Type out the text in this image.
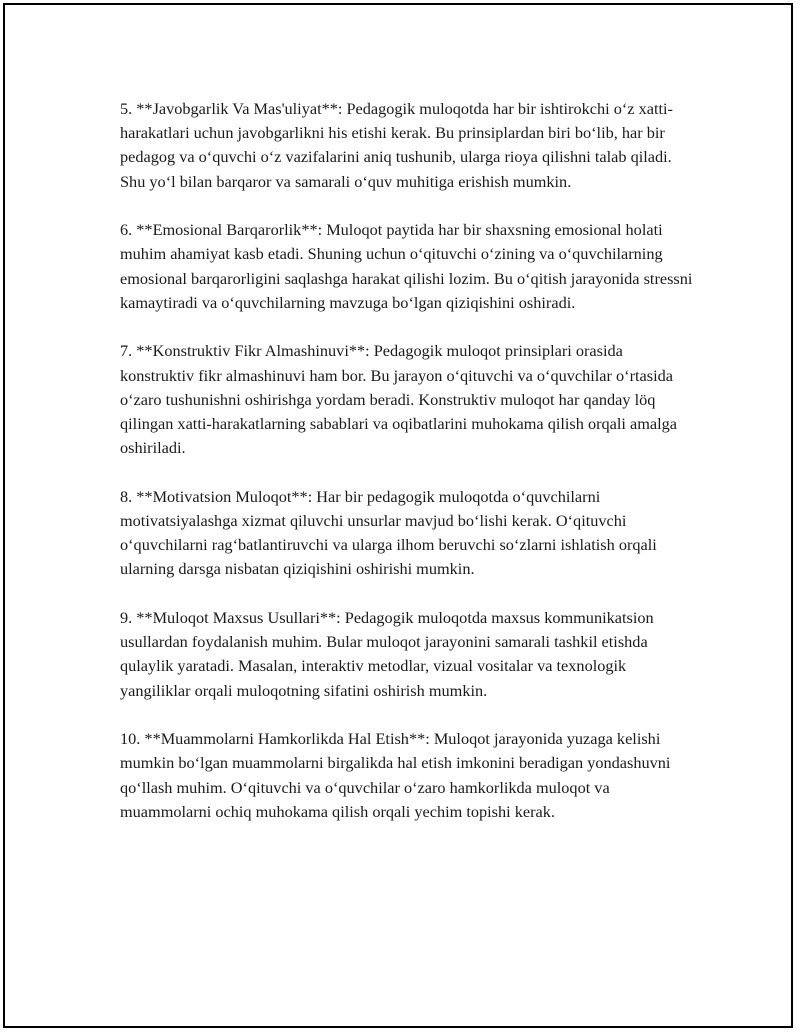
5. **Javobgarlik Va Mas'uliyat**: Pedagogik muloqotda har bir ishtirokchi o‘z xatti-harakatlari uchun javobgarlikni his etishi kerak. Bu prinsiplardan biri bo‘lib, har bir pedagog va o‘quvchi o‘z vazifalarini aniq tushunib, ularga rioya qilishni talab qiladi. Shu yo‘l bilan barqaror va samarali o‘quv muhitiga erishish mumkin.

6. **Emosional Barqarorlik**: Muloqot paytida har bir shaxsning emosional holati muhim ahamiyat kasb etadi. Shuning uchun o‘qituvchi o‘zining va o‘quvchilarning emosional barqarorligini saqlashga harakat qilishi lozim. Bu o‘qitish jarayonida stressni kamaytiradi va o‘quvchilarning mavzuga bo‘lgan qiziqishini oshiradi.

7. **Konstruktiv Fikr Almashinuvi**: Pedagogik muloqot prinsiplari orasida konstruktiv fikr almashinuvi ham bor. Bu jarayon o‘qituvchi va o‘quvchilar o‘rtasida o‘zaro tushunishni oshirishga yordam beradi. Konstruktiv muloqot har qanday löq qilingan xatti-harakatlarning sabablari va oqibatlarini muhokama qilish orqali amalga oshiriladi.

8. **Motivatsion Muloqot**: Har bir pedagogik muloqotda o‘quvchilarni motivatsiyalashga xizmat qiluvchi unsurlar mavjud bo‘lishi kerak. O‘qituvchi o‘quvchilarni rag‘batlantiruvchi va ularga ilhom beruvchi so‘zlarni ishlatish orqali ularning darsga nisbatan qiziqishini oshirishi mumkin.

9. **Muloqot Maxsus Usullari**: Pedagogik muloqotda maxsus kommunikatsion usullardan foydalanish muhim. Bular muloqot jarayonini samarali tashkil etishda qulaylik yaratadi. Masalan, interaktiv metodlar, vizual vositalar va texnologik yangiliklar orqali muloqotning sifatini oshirish mumkin.

10. **Muammolarni Hamkorlikda Hal Etish**: Muloqot jarayonida yuzaga kelishi mumkin bo‘lgan muammolarni birgalikda hal etish imkonini beradigan yondashuvni qo‘llash muhim. O‘qituvchi va o‘quvchilar o‘zaro hamkorlikda muloqot va muammolarni ochiq muhokama qilish orqali yechim topishi kerak.
